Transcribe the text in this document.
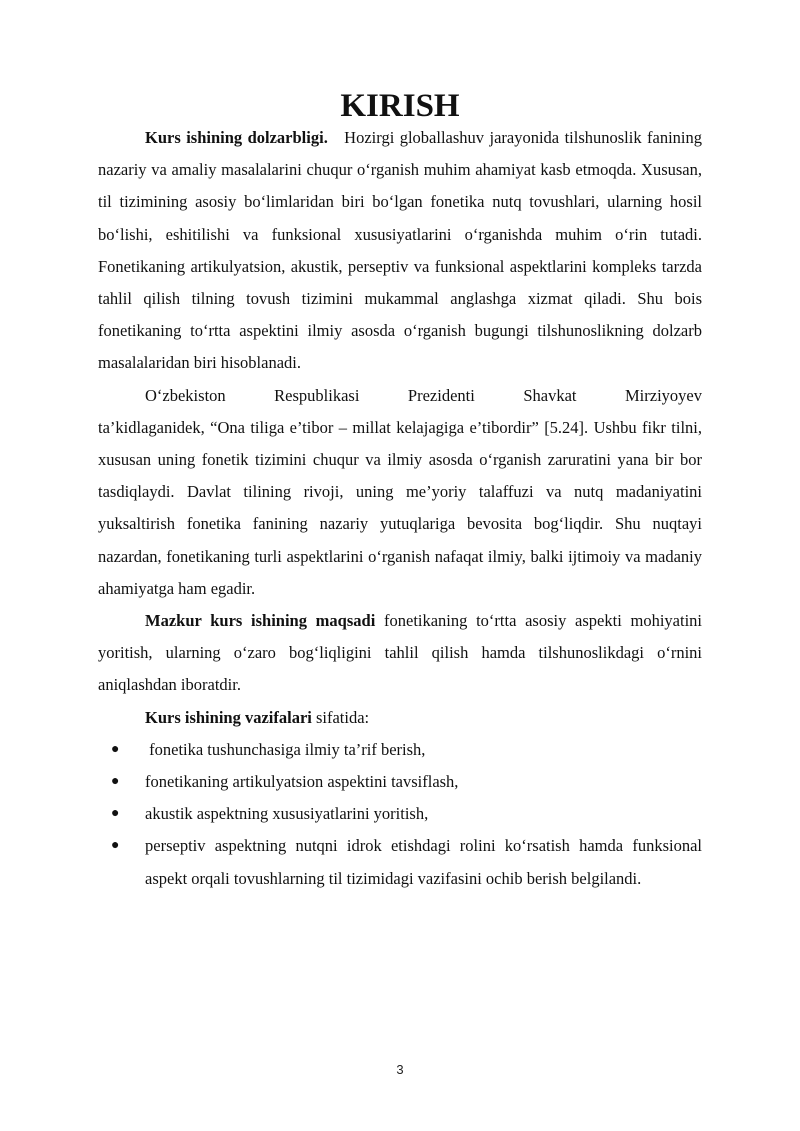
KIRISH

Kurs ishining dolzarbligi. Hozirgi globallashuv jarayonida tilshunoslik fanining nazariy va amaliy masalalarini chuqur oʻrganish muhim ahamiyat kasb etmoqda. Xususan, til tizimining asosiy boʻlimlaridan biri boʻlgan fonetika nutq tovushlari, ularning hosil boʻlishi, eshitilishi va funksional xususiyatlarini oʻrganishda muhim oʻrin tutadi. Fonetikaning artikulyatsion, akustik, perseptiv va funksional aspektlarini kompleks tarzda tahlil qilish tilning tovush tizimini mukammal anglashga xizmat qiladi. Shu bois fonetikaning toʻrtta aspektini ilmiy asosda oʻrganish bugungi tilshunoslikning dolzarb masalalaridan biri hisoblanadi.

Oʻzbekiston Respublikasi Prezidenti Shavkat Mirziyoyev
ta’kidlaganidek, “Ona tiliga e’tibor – millat kelajagiga e’tibordir” [5.24]. Ushbu fikr tilni, xususan uning fonetik tizimini chuqur va ilmiy asosda oʻrganish zaruratini yana bir bor tasdiqlaydi. Davlat tilining rivoji, uning me’yoriy talaffuzi va nutq madaniyatini yuksaltirish fonetika fanining nazariy yutuqlariga bevosita bogʻliqdir. Shu nuqtayi nazardan, fonetikaning turli aspektlarini oʻrganish nafaqat ilmiy, balki ijtimoiy va madaniy ahamiyatga ham egadir.

Mazkur kurs ishining maqsadi fonetikaning toʻrtta asosiy aspekti mohiyatini yoritish, ularning oʻzaro bogʻliqligini tahlil qilish hamda tilshunoslikdagi oʻrnini aniqlashdan iboratdir.

Kurs ishining vazifalari sifatida:

● fonetika tushunchasiga ilmiy ta’rif berish,
● fonetikaning artikulyatsion aspektini tavsiflash,
● akustik aspektning xususiyatlarini yoritish,
● perseptiv aspektning nutqni idrok etishdagi rolini koʻrsatish hamda funksional aspekt orqali tovushlarning til tizimidagi vazifasini ochib berish belgilandi.
3
